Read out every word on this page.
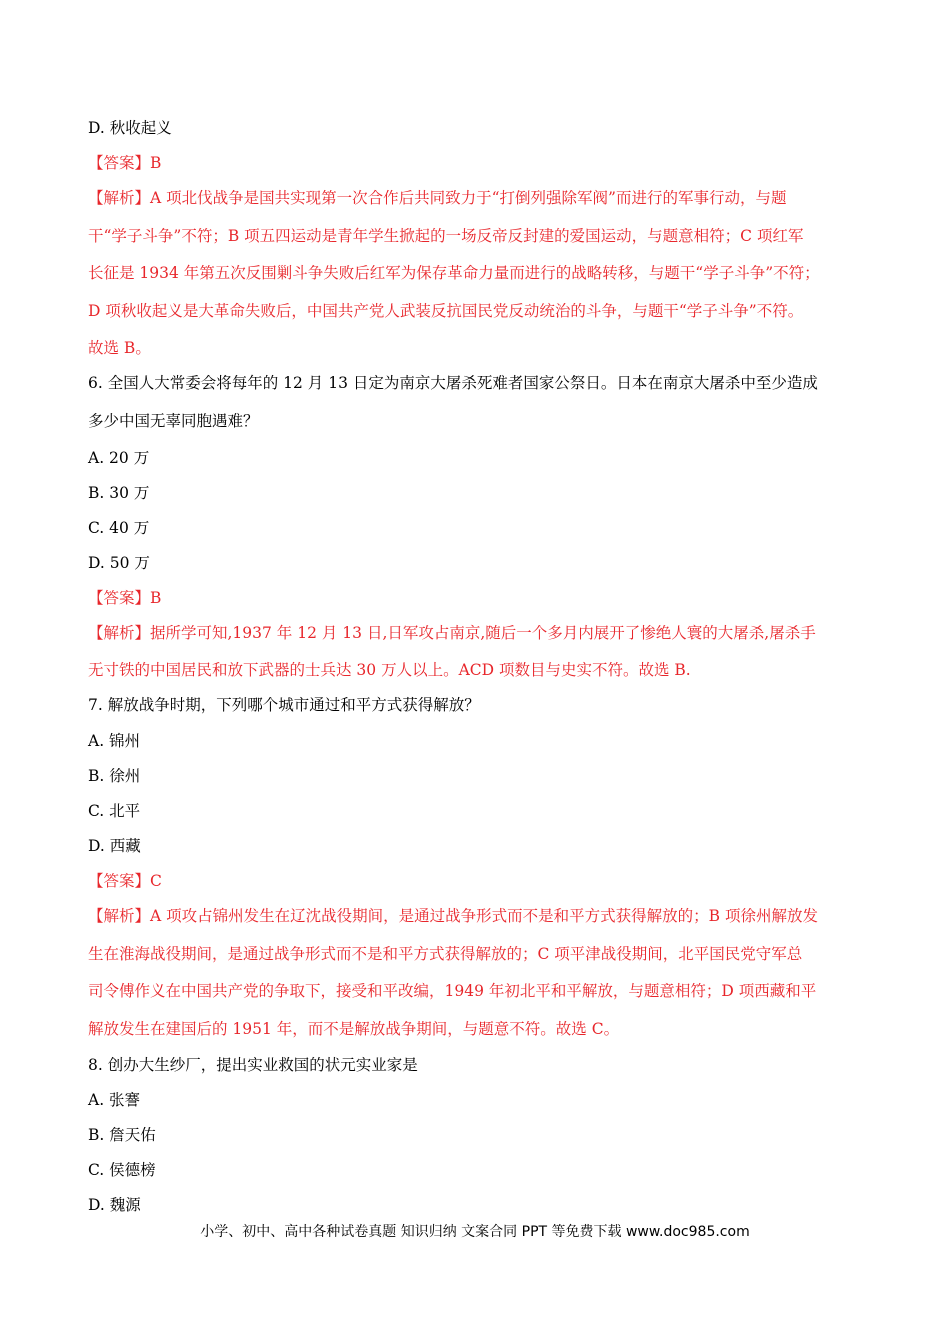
D. 秋收起义
【答案】B
【解析】A 项北伐战争是国共实现第一次合作后共同致力于“打倒列强除军阀”而进行的军事行动，与题
干“学子斗争”不符；B 项五四运动是青年学生掀起的一场反帝反封建的爱国运动，与题意相符；C 项红军
长征是 1934 年第五次反围剿斗争失败后红军为保存革命力量而进行的战略转移，与题干“学子斗争”不符；
D 项秋收起义是大革命失败后，中国共产党人武装反抗国民党反动统治的斗争，与题干“学子斗争”不符。
故选 B。
6. 全国人大常委会将每年的 12 月 13 日定为南京大屠杀死难者国家公祭日。日本在南京大屠杀中至少造成
多少中国无辜同胞遇难？
A. 20 万
B. 30 万
C. 40 万
D. 50 万
【答案】B
【解析】据所学可知,1937 年 12 月 13 日,日军攻占南京,随后一个多月内展开了惨绝人寰的大屠杀,屠杀手
无寸铁的中国居民和放下武器的士兵达 30 万人以上。ACD 项数目与史实不符。故选 B.
7. 解放战争时期，下列哪个城市通过和平方式获得解放？
A. 锦州
B. 徐州
C. 北平
D. 西藏
【答案】C
【解析】A 项攻占锦州发生在辽沈战役期间，是通过战争形式而不是和平方式获得解放的；B 项徐州解放发
生在淮海战役期间，是通过战争形式而不是和平方式获得解放的；C 项平津战役期间，北平国民党守军总
司令傅作义在中国共产党的争取下，接受和平改编，1949 年初北平和平解放，与题意相符；D 项西藏和平
解放发生在建国后的 1951 年，而不是解放战争期间，与题意不符。故选 C。
8. 创办大生纱厂，提出实业救国的状元实业家是
A. 张謇
B. 詹天佑
C. 侯德榜
D. 魏源
小学、初中、高中各种试卷真题 知识归纳 文案合同 PPT 等免费下载 www.doc985.com
